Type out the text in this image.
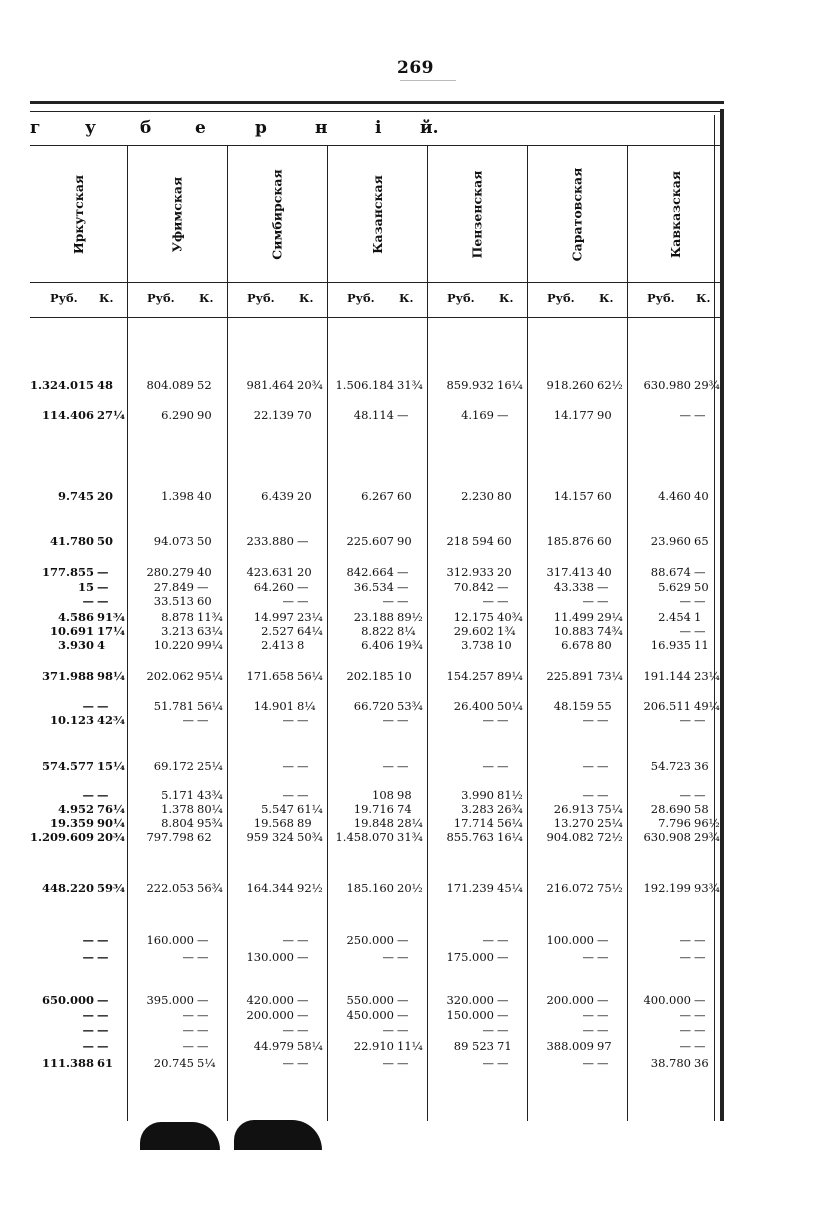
269
г	у	б	е	р	н	і й.
Иркутская
Руб. К.
Уфимская
Руб. К.
Симбирская
Руб. К.
Казанская
Руб. К.
Пензенская
Руб. К.
Саратовская
Руб. К.
Кавказская
Руб. К.
1.324.015 48	804.089 52	981.464 20¾	1.506.184 31¾	859.932 16¼	918.260 62½	630.980 29¾
114.406 27¼	6.290 90	22.139 70	48.114 —	4.169 —	14.177 90	— —
9.745 20	1.398 40	6.439 20	6.267 60	2.230 80	14.157 60	4.460 40
41.780 50	94.073 50	233.880 —	225.607 90	218 594 60	185.876 60	23.960 65
177.855 —	280.279 40	423.631 20	842.664 —	312.933 20	317.413 40	88.674 —
15 —	27.849 —	64.260 —	36.534 —	70.842 —	43.338 —	5.629 50
— —	33.513 60	— —	— —	— —	— —	— —
4.586 91¾	8.878 11¾	14.997 23¼	23.188 89½	12.175 40¾	11.499 29¼	2.454 1
10.691 17¼	3.213 63¼	2.527 64¼	8.822 8¼	29.602 1¾	10.883 74¾	— —
3.930 4	10.220 99¼	2.413 8	6.406 19¾	3.738 10	6.678 80	16.935 11
371.988 98¼	202.062 95¼	171.658 56¼	202.185 10	154.257 89¼	225.891 73¼	191.144 23¼
— —	51.781 56¼	14.901 8¼	66.720 53¾	26.400 50¼	48.159 55	206.511 49¼
10.123 42¾	— —	— —	— —	— —	— —	— —
574.577 15¼	69.172 25¼	— —	— —	— —	— —	54.723 36
— —	5.171 43¾	— —	108 98	3.990 81½	— —	— —
4.952 76¼	1.378 80¼	5.547 61¼	19.716 74	3.283 26¾	26.913 75¼	28.690 58
19.359 90¼	8.804 95¾	19.568 89	19.848 28¼	17.714 56¼	13.270 25¼	7.796 96½
1.209.609 20¾	797.798 62	959 324 50¾	1.458.070 31¾	855.763 16¼	904.082 72½	630.908 29¾
448.220 59¾	222.053 56¾	164.344 92½	185.160 20½	171.239 45¼	216.072 75½	192.199 93¾
— —	160.000 —	— —	250.000 —	— —	100.000 —	— —
— —	— —	130.000 —	— —	175.000 —	— —	— —
650.000 —	395.000 —	420.000 —	550.000 —	320.000 —	200.000 —	400.000 —
— —	— —	200.000 —	450.000 —	150.000 —	— —	— —
— —	— —	— —	— —	— —	— —	— —
— —	— —	44.979 58¼	22.910 11¼	89 523 71	388.009 97	— —
111.388 61	20.745 5¼	— —	— —	— —	— —	38.780 36
